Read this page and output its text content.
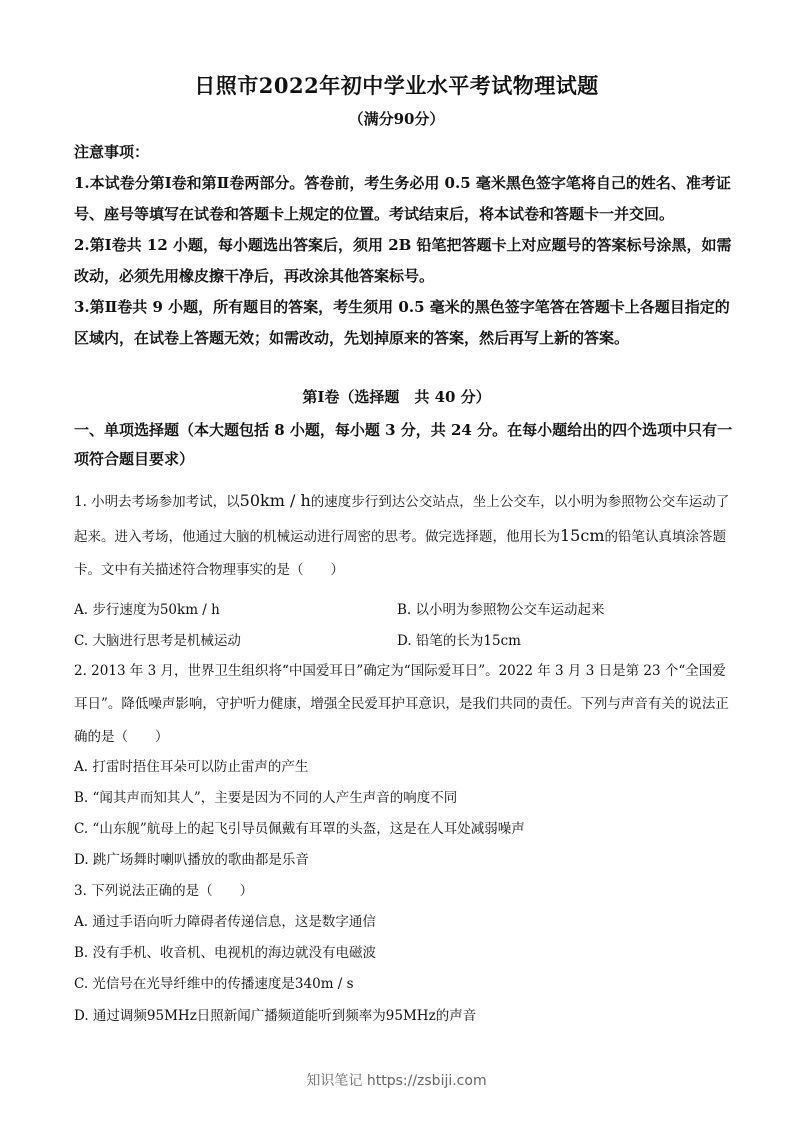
日照市2022年初中学业水平考试物理试题
（满分90分）

注意事项：

1.本试卷分第Ⅰ卷和第Ⅱ卷两部分。答卷前，考生务必用 0.5 毫米黑色签字笔将自己的姓名、准考证号、座号等填写在试卷和答题卡上规定的位置。考试结束后，将本试卷和答题卡一并交回。

2.第Ⅰ卷共 12 小题，每小题选出答案后，须用 2B 铅笔把答题卡上对应题号的答案标号涂黑，如需改动，必须先用橡皮擦干净后，再改涂其他答案标号。

3.第Ⅱ卷共 9 小题，所有题目的答案，考生须用 0.5 毫米的黑色签字笔答在答题卡上各题目指定的区域内，在试卷上答题无效；如需改动，先划掉原来的答案，然后再写上新的答案。

第Ⅰ卷（选择题　共 40 分）
一、单项选择题（本大题包括 8 小题，每小题 3 分，共 24 分。在每小题给出的四个选项中只有一项符合题目要求）
1. 小明去考场参加考试，以50km / h的速度步行到达公交站点，坐上公交车，以小明为参照物公交车运动了起来。进入考场，他通过大脑的机械运动进行周密的思考。做完选择题，他用长为15cm的铅笔认真填涂答题卡。文中有关描述符合物理事实的是（　　）
A. 步行速度为50km / h	B. 以小明为参照物公交车运动起来
C. 大脑进行思考是机械运动	D. 铅笔的长为15cm
2. 2013 年 3 月，世界卫生组织将“中国爱耳日”确定为“国际爱耳日”。2022 年 3 月 3 日是第 23 个“全国爱耳日”。降低噪声影响，守护听力健康，增强全民爱耳护耳意识，是我们共同的责任。下列与声音有关的说法正确的是（　　）
A. 打雷时捂住耳朵可以防止雷声的产生
B. “闻其声而知其人”，主要是因为不同的人产生声音的响度不同
C. “山东舰”航母上的起飞引导员佩戴有耳罩的头盔，这是在人耳处减弱噪声
D. 跳广场舞时喇叭播放的歌曲都是乐音
3. 下列说法正确的是（　　）
A. 通过手语向听力障碍者传递信息，这是数字通信
B. 没有手机、收音机、电视机的海边就没有电磁波
C. 光信号在光导纤维中的传播速度是340m / s
D. 通过调频95MHz日照新闻广播频道能听到频率为95MHz的声音
知识笔记 https://zsbiji.com
